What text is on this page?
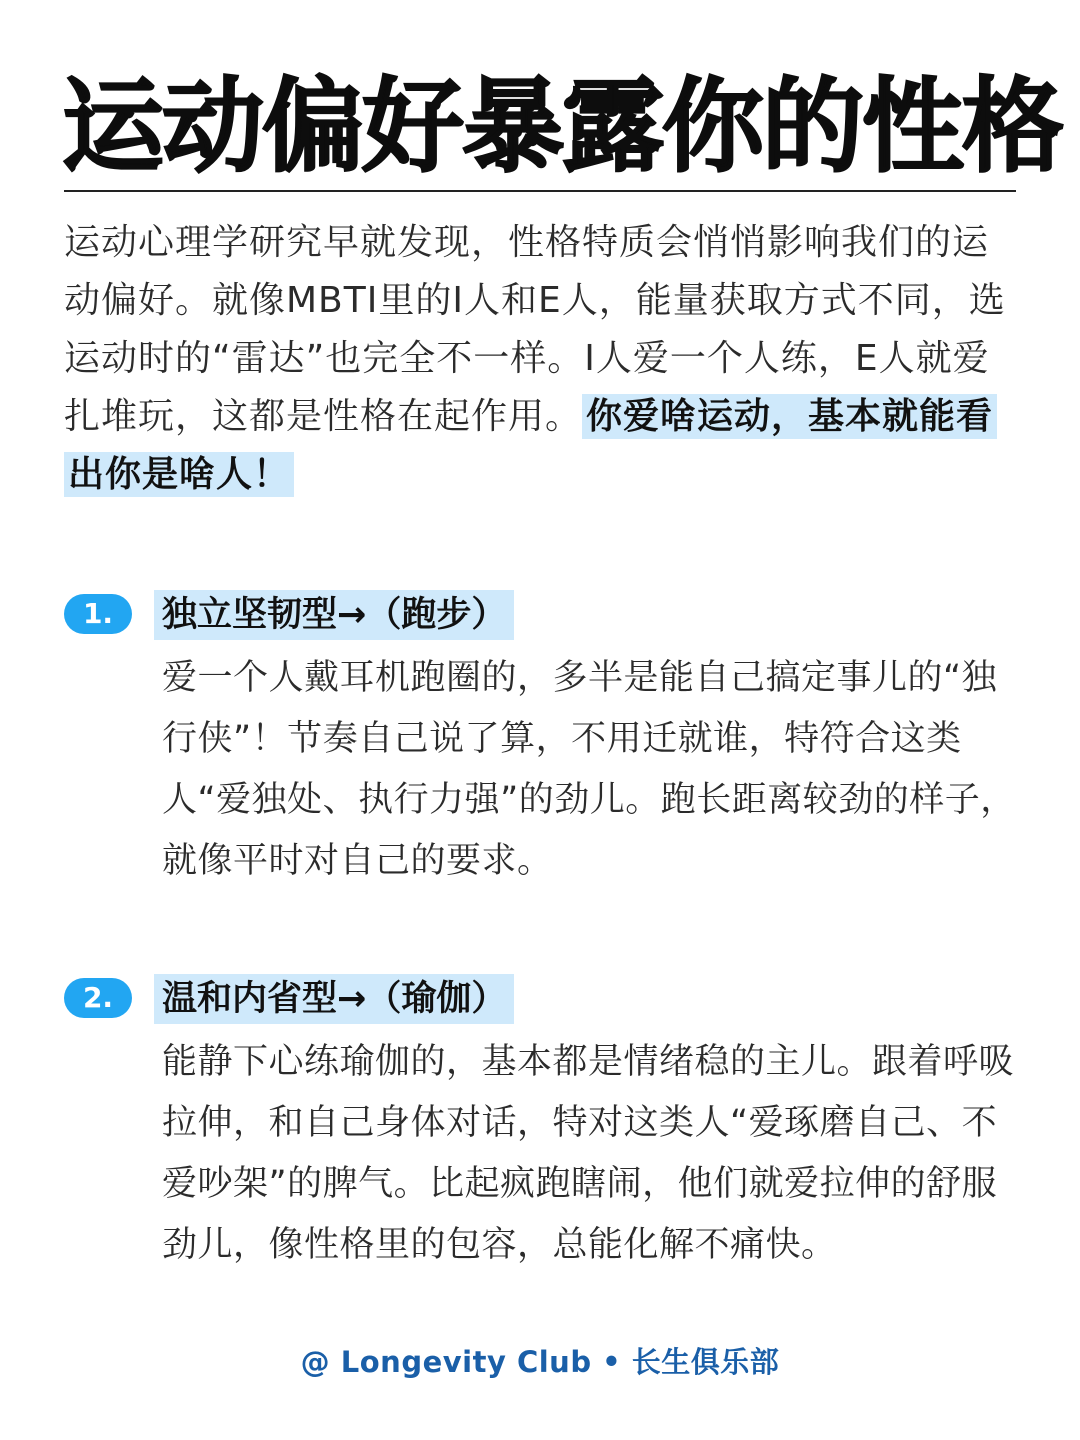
运动偏好暴露你的性格
运动心理学研究早就发现，性格特质会悄悄影响我们的运动偏好。就像MBTI里的I人和E人，能量获取方式不同，选运动时的“雷达”也完全不一样。I人爱一个人练，E人就爱扎堆玩，这都是性格在起作用。 你爱啥运动，基本就能看出你是啥人！
1.	独立坚韧型→（跑步）
爱一个人戴耳机跑圈的，多半是能自己搞定事儿的“独行侠”！节奏自己说了算，不用迁就谁，特符合这类人“爱独处、执行力强”的劲儿。跑长距离较劲的样子，就像平时对自己的要求。
2.	温和内省型→（瑜伽）
能静下心练瑜伽的，基本都是情绪稳的主儿。跟着呼吸拉伸，和自己身体对话，特对这类人“爱琢磨自己、不爱吵架”的脾气。比起疯跑瞎闹，他们就爱拉伸的舒服劲儿，像性格里的包容，总能化解不痛快。
@ Longevity Club • 长生俱乐部
